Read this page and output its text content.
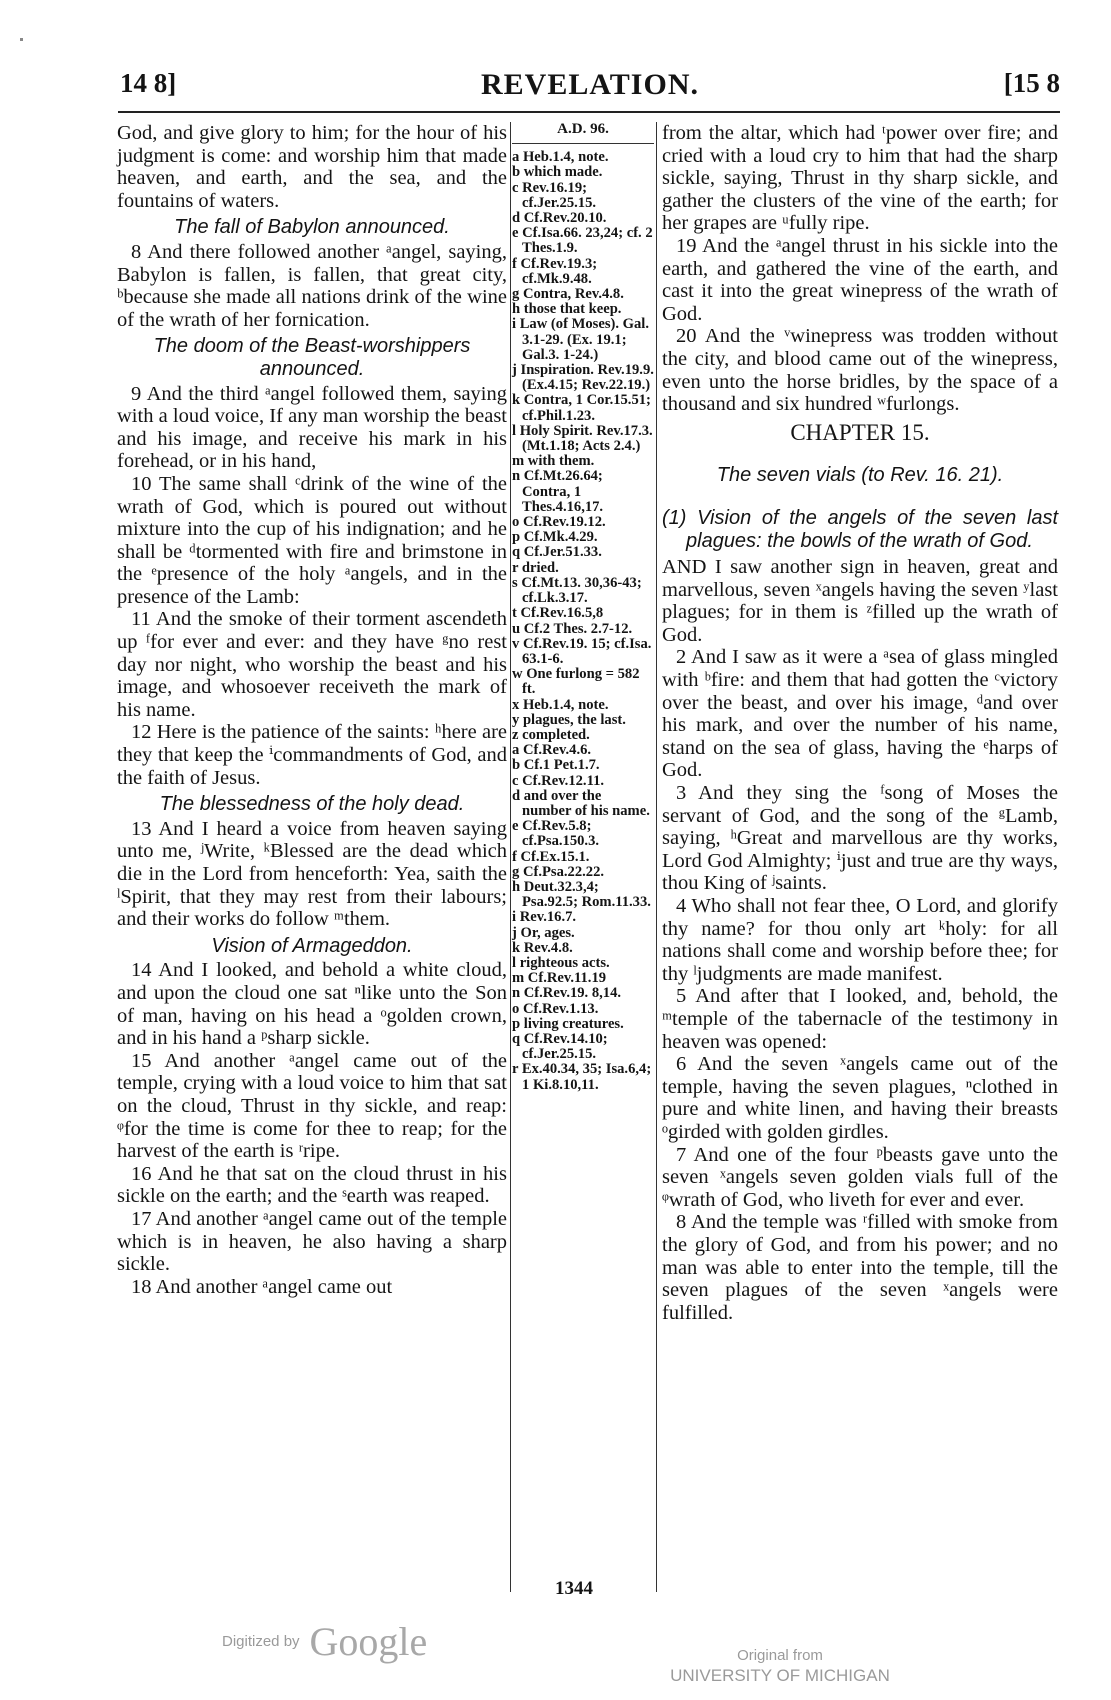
14 8]	REVELATION.	[15 8

God, and give glory to him; for the hour of his judgment is come: and worship him that made heaven, and earth, and the sea, and the fountains of waters.

The fall of Babylon announced.

8 And there followed another ᵃangel, saying, Babylon is fallen, is fallen, that great city, ᵇbecause she made all nations drink of the wine of the wrath of her fornication.

The doom of the Beast-worshippers announced.

9 And the third ᵃangel followed them, saying with a loud voice, If any man worship the beast and his image, and receive his mark in his forehead, or in his hand,

10 The same shall ᶜdrink of the wine of the wrath of God, which is poured out without mixture into the cup of his indignation; and he shall be ᵈtormented with fire and brimstone in the ᵉpresence of the holy ᵃangels, and in the presence of the Lamb:

11 And the smoke of their torment ascendeth up ᶠfor ever and ever: and they have ᵍno rest day nor night, who worship the beast and his image, and whosoever receiveth the mark of his name.

12 Here is the patience of the saints: ʰhere are they that keep the ⁱcommandments of God, and the faith of Jesus.

The blessedness of the holy dead.

13 And I heard a voice from heaven saying unto me, ʲWrite, ᵏBlessed are the dead which die in the Lord from henceforth: Yea, saith the ˡSpirit, that they may rest from their labours; and their works do follow ᵐthem.

Vision of Armageddon.

14 And I looked, and behold a white cloud, and upon the cloud one sat ⁿlike unto the Son of man, having on his head a ᵒgolden crown, and in his hand a ᵖsharp sickle.

15 And another ᵃangel came out of the temple, crying with a loud voice to him that sat on the cloud, Thrust in thy sickle, and reap: ᵠfor the time is come for thee to reap; for the harvest of the earth is ʳripe.

16 And he that sat on the cloud thrust in his sickle on the earth; and the ˢearth was reaped.

17 And another ᵃangel came out of the temple which is in heaven, he also having a sharp sickle.

18 And another ᵃangel came out

A.D. 96.

a Heb.1.4, note.

b which made.

c Rev.16.19; cf.Jer.25.15.

d Cf.Rev.20.10.

e Cf.Isa.66. 23,24; cf. 2 Thes.1.9.

f Cf.Rev.19.3; cf.Mk.9.48.

g Contra, Rev.4.8.

h those that keep.

i Law (of Moses). Gal. 3.1-29. (Ex. 19.1; Gal.3. 1-24.)

j Inspiration. Rev.19.9. (Ex.4.15; Rev.22.19.)

k Contra, 1 Cor.15.51; cf.Phil.1.23.

l Holy Spirit. Rev.17.3. (Mt.1.18; Acts 2.4.)

m with them.

n Cf.Mt.26.64; Contra, 1 Thes.4.16,17.

o Cf.Rev.19.12.

p Cf.Mk.4.29.

q Cf.Jer.51.33.

r dried.

s Cf.Mt.13. 30,36-43; cf.Lk.3.17.

t Cf.Rev.16.5,8

u Cf.2 Thes. 2.7-12.

v Cf.Rev.19. 15; cf.Isa. 63.1-6.

w One furlong = 582 ft.

x Heb.1.4, note.

y plagues, the last.

z completed.

a Cf.Rev.4.6.

b Cf.1 Pet.1.7.

c Cf.Rev.12.11.

d and over the number of his name.

e Cf.Rev.5.8; cf.Psa.150.3.

f Cf.Ex.15.1.

g Cf.Psa.22.22.

h Deut.32.3,4; Psa.92.5; Rom.11.33.

i Rev.16.7.

j Or, ages.

k Rev.4.8.

l righteous acts.

m Cf.Rev.11.19

n Cf.Rev.19. 8,14.

o Cf.Rev.1.13.

p living creatures.

q Cf.Rev.14.10; cf.Jer.25.15.

r Ex.40.34, 35; Isa.6,4; 1 Ki.8.10,11.

from the altar, which had ᵗpower over fire; and cried with a loud cry to him that had the sharp sickle, saying, Thrust in thy sharp sickle, and gather the clusters of the vine of the earth; for her grapes are ᵘfully ripe.

19 And the ᵃangel thrust in his sickle into the earth, and gathered the vine of the earth, and cast it into the great winepress of the wrath of God.

20 And the ᵛwinepress was trodden without the city, and blood came out of the winepress, even unto the horse bridles, by the space of a thousand and six hundred ʷfurlongs.

CHAPTER 15.

The seven vials (to Rev. 16. 21).

(1) Vision of the angels of the seven last plagues: the bowls of the wrath of God.

AND I saw another sign in heaven, great and marvellous, seven ˣangels having the seven ʸlast plagues; for in them is ᶻfilled up the wrath of God.

2 And I saw as it were a ᵃsea of glass mingled with ᵇfire: and them that had gotten the ᶜvictory over the beast, and over his image, ᵈand over his mark, and over the number of his name, stand on the sea of glass, having the ᵉharps of God.

3 And they sing the ᶠsong of Moses the servant of God, and the song of the ᵍLamb, saying, ʰGreat and marvellous are thy works, Lord God Almighty; ⁱjust and true are thy ways, thou King of ʲsaints.

4 Who shall not fear thee, O Lord, and glorify thy name? for thou only art ᵏholy: for all nations shall come and worship before thee; for thy ˡjudgments are made manifest.

5 And after that I looked, and, behold, the ᵐtemple of the tabernacle of the testimony in heaven was opened:

6 And the seven ˣangels came out of the temple, having the seven plagues, ⁿclothed in pure and white linen, and having their breasts ᵒgirded with golden girdles.

7 And one of the four ᵖbeasts gave unto the seven ˣangels seven golden vials full of the ᵠwrath of God, who liveth for ever and ever.

8 And the temple was ʳfilled with smoke from the glory of God, and from his power; and no man was able to enter into the temple, till the seven plagues of the seven ˣangels were fulfilled.

1344
Digitized by Google	Original from
UNIVERSITY OF MICHIGAN
